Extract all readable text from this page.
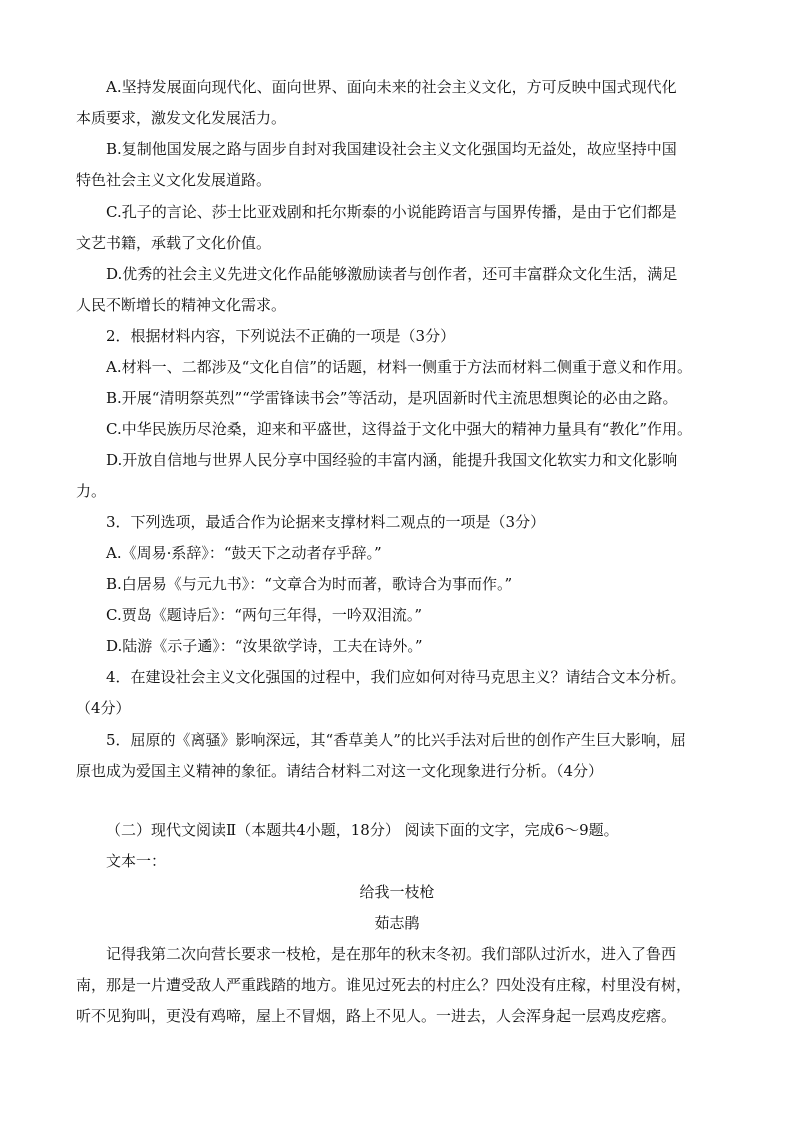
A.坚持发展面向现代化、面向世界、面向未来的社会主义文化，方可反映中国式现代化
本质要求，激发文化发展活力。
B.复制他国发展之路与固步自封对我国建设社会主义文化强国均无益处，故应坚持中国
特色社会主义文化发展道路。
C.孔子的言论、莎士比亚戏剧和托尔斯泰的小说能跨语言与国界传播，是由于它们都是
文艺书籍，承载了文化价值。
D.优秀的社会主义先进文化作品能够激励读者与创作者，还可丰富群众文化生活，满足
人民不断增长的精神文化需求。
2．根据材料内容，下列说法不正确的一项是（3分）
A.材料一、二都涉及“文化自信”的话题，材料一侧重于方法而材料二侧重于意义和作用。
B.开展“清明祭英烈”“学雷锋读书会”等活动，是巩固新时代主流思想舆论的必由之路。
C.中华民族历尽沧桑，迎来和平盛世，这得益于文化中强大的精神力量具有“教化”作用。
D.开放自信地与世界人民分享中国经验的丰富内涵，能提升我国文化软实力和文化影响
力。
3．下列选项，最适合作为论据来支撑材料二观点的一项是（3分）
A.《周易·系辞》：“鼓天下之动者存乎辞。”
B.白居易《与元九书》：“文章合为时而著，歌诗合为事而作。”
C.贾岛《题诗后》：“两句三年得，一吟双泪流。”
D.陆游《示子遹》：“汝果欲学诗，工夫在诗外。”
4．在建设社会主义文化强国的过程中，我们应如何对待马克思主义？请结合文本分析。
（4分）
5．屈原的《离骚》影响深远，其“香草美人”的比兴手法对后世的创作产生巨大影响，屈
原也成为爱国主义精神的象征。请结合材料二对这一文化现象进行分析。（4分）
（二）现代文阅读Ⅱ（本题共4小题，18分） 阅读下面的文字，完成6～9题。
文本一：
给我一枝枪
茹志鹃
记得我第二次向营长要求一枝枪，是在那年的秋末冬初。我们部队过沂水，进入了鲁西
南，那是一片遭受敌人严重践踏的地方。谁见过死去的村庄么？四处没有庄稼，村里没有树，
听不见狗叫，更没有鸡啼，屋上不冒烟，路上不见人。一进去，人会浑身起一层鸡皮疙瘩。
